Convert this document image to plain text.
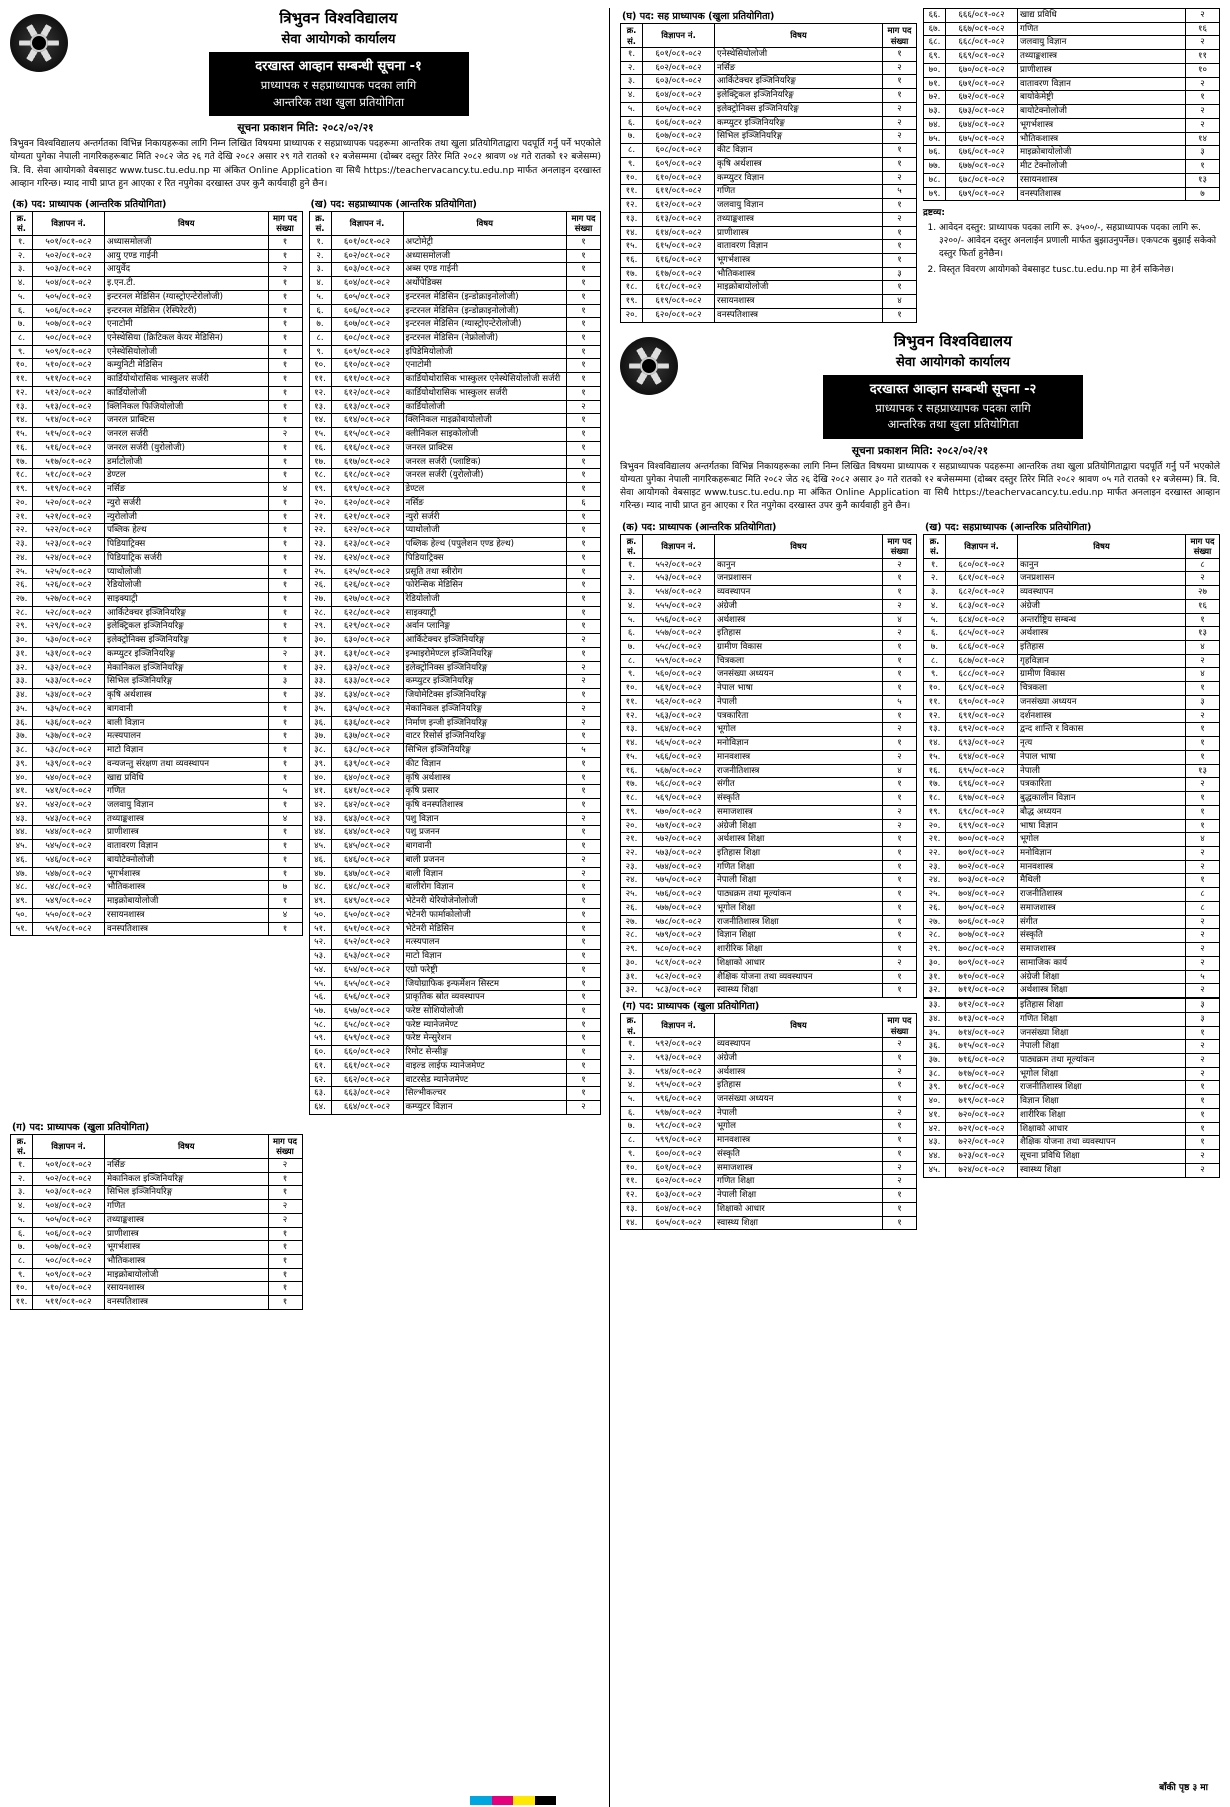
त्रिभुवन विश्वविद्यालय
सेवा आयोगको कार्यालय
दरखास्त आव्हान सम्बन्धी सूचना -१
प्राध्यापक र सहप्राध्यापक पदका लागि
आन्तरिक तथा खुला प्रतियोगिता
सूचना प्रकाशन मिति: २०८२/०२/२१
त्रिभुवन विश्वविद्यालय अन्तर्गतका विभिन्न निकायहरूका लागि निम्न लिखित विषयमा प्राध्यापक र सहप्राध्यापक पदहरूमा आन्तरिक तथा खुला प्रतियोगिताद्वारा पदपूर्ति गर्नु पर्ने भएकोले योग्यता पुगेका नेपाली नागरिकहरूबाट मिति २०८२ जेठ २६ गते देखि २०८२ असार २९ गते रातको १२ बजेसम्ममा (दोब्बर दस्तुर तिरेर मिति २०८२ श्रावण ०४ गते रातको १२ बजेसम्म) त्रि. वि. सेवा आयोगको वेबसाइट www.tusc.tu.edu.np मा अंकित Online Application वा सिधै https://teachervacancy.tu.edu.np मार्फत अनलाइन दरखास्त आव्हान गरिन्छ। म्याद नाघी प्राप्त हुन आएका र रित नपुगेका दरखास्त उपर कुनै कार्यवाही हुने छैन।
(क) पद: प्राध्यापक (आन्तरिक प्रतियोगिता)
क्र. सं.	विज्ञापन नं.	विषय	माग पद संख्या
१.	५०१/०८१-०८२	अध्यासमोलजी	१
२.	५०२/०८१-०८२	आयु एण्ड गाईनी	१
३.	५०३/०८१-०८२	आयुर्वेद	२
४.	५०४/०८१-०८२	इ.एन.टी.	१
५.	५०५/०८१-०८२	इन्टरनल मेडिसिन (ग्यास्ट्रोएन्टेरोलोजी)	१
६.	५०६/०८१-०८२	इन्टरनल मेडिसिन (रेस्पिरेटरी)	१
७.	५०७/०८१-०८२	एनाटोमी	१
८.	५०८/०८१-०८२	एनेस्थेसिया (क्रिटिकल केयर मेडिसिन)	१
९.	५०९/०८१-०८२	एनेस्थेसियोलोजी	१
१०.	५१०/०८१-०८२	कम्युनिटी मेडिसिन	१
११.	५११/०८१-०८२	कार्डियोथोरासिक भास्कुलर सर्जरी	१
१२.	५१२/०८१-०८२	कार्डियोलोजी	१
१३.	५१३/०८१-०८२	क्लिनिकल फिजियोलोजी	१
१४.	५१४/०८१-०८२	जनरल प्राक्टिस	१
१५.	५१५/०८१-०८२	जनरल सर्जरी	२
१६.	५१६/०८१-०८२	जनरल सर्जरी (युरोलोजी)	१
१७.	५१७/०८१-०८२	डर्माटोलोजी	१
१८.	५१८/०८१-०८२	डेण्टल	१
१९.	५१९/०८१-०८२	नर्सिङ	४
२०.	५२०/०८१-०८२	न्युरो सर्जरी	१
२१.	५२१/०८१-०८२	न्युरोलोजी	१
२२.	५२२/०८१-०८२	पब्लिक हेल्थ	१
२३.	५२३/०८१-०८२	पिडियाट्रिक्स	१
२४.	५२४/०८१-०८२	पिडियाट्रिक सर्जरी	१
२५.	५२५/०८१-०८२	प्याथोलोजी	१
२६.	५२६/०८१-०८२	रेडियोलोजी	१
२७.	५२७/०८१-०८२	साइक्याट्री	१
२८.	५२८/०८१-०८२	आर्किटेक्चर इञ्जिनियरिङ्ग	१
२९.	५२९/०८१-०८२	इलेक्ट्रिकल इञ्जिनियरिङ्ग	१
३०.	५३०/०८१-०८२	इलेक्ट्रोनिक्स इञ्जिनियरिङ्ग	१
३१.	५३१/०८१-०८२	कम्प्युटर इञ्जिनियरिङ्ग	२
३२.	५३२/०८१-०८२	मेकानिकल इञ्जिनियरिङ्ग	१
३३.	५३३/०८१-०८२	सिभिल इञ्जिनियरिङ्ग	३
३४.	५३४/०८१-०८२	कृषि अर्थशास्त्र	१
३५.	५३५/०८१-०८२	बागवानी	१
३६.	५३६/०८१-०८२	बाली विज्ञान	१
३७.	५३७/०८१-०८२	मत्स्यपालन	१
३८.	५३८/०८१-०८२	माटो विज्ञान	१
३९.	५३९/०८१-०८२	वन्यजन्तु संरक्षण तथा व्यवस्थापन	१
४०.	५४०/०८१-०८२	खाद्य प्रविधि	१
४१.	५४१/०८१-०८२	गणित	५
४२.	५४२/०८१-०८२	जलवायु विज्ञान	१
४३.	५४३/०८१-०८२	तथ्याङ्कशास्त्र	४
४४.	५४४/०८१-०८२	प्राणीशास्त्र	१
४५.	५४५/०८१-०८२	वातावरण विज्ञान	१
४६.	५४६/०८१-०८२	बायोटेक्नोलोजी	१
४७.	५४७/०८१-०८२	भूगर्भशास्त्र	१
४८.	५४८/०८१-०८२	भौतिकशास्त्र	७
४९.	५४९/०८१-०८२	माइक्रोबायोलोजी	१
५०.	५५०/०८१-०८२	रसायनशास्त्र	४
५१.	५५१/०८१-०८२	वनस्पतिशास्त्र	१
(ख) पद: सहप्राध्यापक (आन्तरिक प्रतियोगिता)
क्र. सं.	विज्ञापन नं.	विषय	माग पद संख्या
१.	६०१/०८१-०८२	अप्टोमेट्री	१
२.	६०२/०८१-०८२	अध्यासमोलजी	१
३.	६०३/०८१-०८२	अब्स एण्ड गाईनी	१
४.	६०४/०८१-०८२	अर्थोपेडिक्स	१
५.	६०५/०८१-०८२	इन्टरनल मेडिसिन (इन्डोक्राइनोलोजी)	१
६.	६०६/०८१-०८२	इन्टरनल मेडिसिन (इन्डोक्राइनोलोजी)	१
७.	६०७/०८१-०८२	इन्टरनल मेडिसिन (ग्यास्ट्रोएन्टेरोलोजी)	१
८.	६०८/०८१-०८२	इन्टरनल मेडिसिन (नेफ्रोलोजी)	१
९.	६०९/०८१-०८२	इपिडेमियोलोजी	१
१०.	६१०/०८१-०८२	एनाटोमी	१
११.	६११/०८१-०८२	कार्डियोथोरासिक भास्कुलर एनेस्थेसियोलोजी सर्जरी	१
१२.	६१२/०८१-०८२	कार्डियोथोरासिक भास्कुलर सर्जरी	१
१३.	६१३/०८१-०८२	कार्डियोलोजी	२
१४.	६१४/०८१-०८२	क्लिनिकल माइक्रोबायोलोजी	१
१५.	६१५/०८१-०८२	क्लीनिकल साइकोलोजी	१
१६.	६१६/०८१-०८२	जनरल प्राक्टिस	१
१७.	६१७/०८१-०८२	जनरल सर्जरी (प्लाष्टिक)	१
१८.	६१८/०८१-०८२	जनरल सर्जरी (युरोलोजी)	१
१९.	६१९/०८१-०८२	डेण्टल	१
२०.	६२०/०८१-०८२	नर्सिङ	६
२१.	६२१/०८१-०८२	न्युरो सर्जरी	१
२२.	६२२/०८१-०८२	प्याथोलोजी	१
२३.	६२३/०८१-०८२	पब्लिक हेल्थ (पपुलेशन एण्ड हेल्थ)	१
२४.	६२४/०८१-०८२	पिडियाट्रिक्स	१
२५.	६२५/०८१-०८२	प्रसूति तथा स्त्रीरोग	१
२६.	६२६/०८१-०८२	फोरेन्सिक मेडिसिन	१
२७.	६२७/०८१-०८२	रेडियोलोजी	१
२८.	६२८/०८१-०८२	साइक्याट्री	१
२९.	६२९/०८१-०८२	अर्वान प्लानिङ्ग	१
३०.	६३०/०८१-०८२	आर्किटेक्चर इञ्जिनियरिङ्ग	२
३१.	६३१/०८१-०८२	इन्भाइरोमेण्टल इञ्जिनियरिङ्ग	१
३२.	६३२/०८१-०८२	इलेक्ट्रोनिक्स इञ्जिनियरिङ्ग	२
३३.	६३३/०८१-०८२	कम्प्युटर इञ्जिनियरिङ्ग	२
३४.	६३४/०८१-०८२	जियोमेटिक्स इञ्जिनियरिङ्ग	१
३५.	६३५/०८१-०८२	मेकानिकल इञ्जिनियरिङ्ग	२
३६.	६३६/०८१-०८२	निर्माण इन्जी इञ्जिनियरिङ्ग	२
३७.	६३७/०८१-०८२	वाटर रिसोर्स इञ्जिनियरिङ्ग	१
३८.	६३८/०८१-०८२	सिभिल इञ्जिनियरिङ्ग	५
३९.	६३९/०८१-०८२	कीट विज्ञान	१
४०.	६४०/०८१-०८२	कृषि अर्थशास्त्र	१
४१.	६४१/०८१-०८२	कृषि प्रसार	१
४२.	६४२/०८१-०८२	कृषि वनस्पतिशास्त्र	१
४३.	६४३/०८१-०८२	पशु विज्ञान	२
४४.	६४४/०८१-०८२	पशु प्रजनन	१
४५.	६४५/०८१-०८२	बागवानी	१
४६.	६४६/०८१-०८२	बाली प्रजनन	२
४७.	६४७/०८१-०८२	बाली विज्ञान	२
४८.	६४८/०८१-०८२	बालीरोग विज्ञान	१
४९.	६४९/०८१-०८२	भेटेनरी थेरियोजेनोलोजी	१
५०.	६५०/०८१-०८२	भेटेनरी फार्माकोलोजी	१
५१.	६५१/०८१-०८२	भेटेनरी मेडिसिन	१
५२.	६५२/०८१-०८२	मत्स्यपालन	१
५३.	६५३/०८१-०८२	माटो विज्ञान	१
५४.	६५४/०८१-०८२	एग्रो फरेष्ट्री	१
५५.	६५५/०८१-०८२	जियोग्राफिक इन्फर्मेशन सिस्टम	१
५६.	६५६/०८१-०८२	प्राकृतिक स्रोत व्यवस्थापन	१
५७.	६५७/०८१-०८२	फरेष्ट सोशियोलोजी	१
५८.	६५८/०८१-०८२	फरेष्ट म्यानेजमेण्ट	१
५९.	६५९/०८१-०८२	फरेष्ट मेन्सुरेशन	१
६०.	६६०/०८१-०८२	रिमोट सेन्सीङ्ग	१
६१.	६६१/०८१-०८२	वाइल्ड लाईफ म्यानेजमेण्ट	१
६२.	६६२/०८१-०८२	वाटरसेड म्यानेजमेण्ट	१
६३.	६६३/०८१-०८२	सिल्भीकल्चर	१
६४.	६६४/०८१-०८२	कम्प्युटर विज्ञान	२
(ग) पद: प्राध्यापक (खुला प्रतियोगिता)
क्र. सं.	विज्ञापन नं.	विषय	माग पद संख्या
१.	५०१/०८१-०८२	नर्सिङ	२
२.	५०२/०८१-०८२	मेकानिकल इञ्जिनियरिङ्ग	१
३.	५०३/०८१-०८२	सिभिल इञ्जिनियरिङ्ग	१
४.	५०४/०८१-०८२	गणित	२
५.	५०५/०८१-०८२	तथ्याङ्कशास्त्र	२
६.	५०६/०८१-०८२	प्राणीशास्त्र	१
७.	५०७/०८१-०८२	भूगर्भशास्त्र	१
८.	५०८/०८१-०८२	भौतिकशास्त्र	१
९.	५०९/०८१-०८२	माइक्रोबायोलोजी	१
१०.	५१०/०८१-०८२	रसायनशास्त्र	१
११.	५११/०८१-०८२	वनस्पतिशास्त्र	१
(घ) पद: सह प्राध्यापक (खुला प्रतियोगिता)
क्र. सं.	विज्ञापन नं.	विषय	माग पद संख्या
१.	६०१/०८१-०८२	एनेस्थेसियोलोजी	१
२.	६०२/०८१-०८२	नर्सिङ	२
३.	६०३/०८१-०८२	आर्किटेक्चर इञ्जिनियरिङ्ग	१
४.	६०४/०८१-०८२	इलेक्ट्रिकल इञ्जिनियरिङ्ग	१
५.	६०५/०८१-०८२	इलेक्ट्रोनिक्स इञ्जिनियरिङ्ग	२
६.	६०६/०८१-०८२	कम्प्युटर इञ्जिनियरिङ्ग	२
७.	६०७/०८१-०८२	सिभिल इञ्जिनियरिङ्ग	२
८.	६०८/०८१-०८२	कीट विज्ञान	१
९.	६०९/०८१-०८२	कृषि अर्थशास्त्र	१
१०.	६१०/०८१-०८२	कम्प्युटर विज्ञान	२
११.	६११/०८१-०८२	गणित	५
१२.	६१२/०८१-०८२	जलवायु विज्ञान	१
१३.	६१३/०८१-०८२	तथ्याङ्कशास्त्र	२
१४.	६१४/०८१-०८२	प्राणीशास्त्र	१
१५.	६१५/०८१-०८२	वातावरण विज्ञान	१
१६.	६१६/०८१-०८२	भूगर्भशास्त्र	१
१७.	६१७/०८१-०८२	भौतिकशास्त्र	३
१८.	६१८/०८१-०८२	माइक्रोबायोलोजी	१
१९.	६१९/०८१-०८२	रसायनशास्त्र	४
२०.	६२०/०८१-०८२	वनस्पतिशास्त्र	१
६६.	६६६/०८१-०८२	खाद्य प्रविधि	२
६७.	६६७/०८१-०८२	गणित	१६
६८.	६६८/०८१-०८२	जलवायु विज्ञान	२
६९.	६६९/०८१-०८२	तथ्याङ्कशास्त्र	११
७०.	६७०/०८१-०८२	प्राणीशास्त्र	१०
७१.	६७१/०८१-०८२	वातावरण विज्ञान	२
७२.	६७२/०८१-०८२	बायोकेमेष्ट्री	१
७३.	६७३/०८१-०८२	बायोटेक्नोलोजी	२
७४.	६७४/०८१-०८२	भूगर्भशास्त्र	२
७५.	६७५/०८१-०८२	भौतिकशास्त्र	१४
७६.	६७६/०८१-०८२	माइक्रोबायोलोजी	३
७७.	६७७/०८१-०८२	मीट टेक्नोलोजी	१
७८.	६७८/०८१-०८२	रसायनशास्त्र	१३
७९.	६७९/०८१-०८२	वनस्पतिशास्त्र	७
द्रष्टव्य:
1. आवेदन दस्तुर: प्राध्यापक पदका लागि रू. ३५००/-, सहप्राध्यापक पदका लागि रू. ३२००/- आवेदन दस्तुर अनलाईन प्रणाली मार्फत बुझाउनुपर्नेछ। एकपटक बुझाई सकेको दस्तुर फिर्ता हुनेछैन।
2. विस्तृत विवरण आयोगको वेबसाइट tusc.tu.edu.np मा हेर्न सकिनेछ।
त्रिभुवन विश्वविद्यालय
सेवा आयोगको कार्यालय
दरखास्त आव्हान सम्बन्धी सूचना -२
प्राध्यापक र सहप्राध्यापक पदका लागि
आन्तरिक तथा खुला प्रतियोगिता
सूचना प्रकाशन मिति: २०८२/०२/२१
त्रिभुवन विश्वविद्यालय अन्तर्गतका विभिन्न निकायहरूका लागि निम्न लिखित विषयमा प्राध्यापक र सहप्राध्यापक पदहरूमा आन्तरिक तथा खुला प्रतियोगिताद्वारा पदपूर्ति गर्नु पर्ने भएकोले योग्यता पुगेका नेपाली नागरिकहरूबाट मिति २०८२ जेठ २६ देखि २०८२ असार ३० गते रातको १२ बजेसम्ममा (दोब्बर दस्तुर तिरेर मिति २०८२ श्रावण ०५ गते रातको १२ बजेसम्म) त्रि. वि. सेवा आयोगको वेबसाइट www.tusc.tu.edu.np मा अंकित Online Application वा सिधै https://teachervacancy.tu.edu.np मार्फत अनलाइन दरखास्त आव्हान गरिन्छ। म्याद नाघी प्राप्त हुन आएका र रित नपुगेका दरखास्त उपर कुनै कार्यवाही हुने छैन।
(क) पद: प्राध्यापक (आन्तरिक प्रतियोगिता)
क्र. सं.	विज्ञापन नं.	विषय	माग पद संख्या
१.	५५२/०८१-०८२	कानुन	२
२.	५५३/०८१-०८२	जनप्रशासन	१
३.	५५४/०८१-०८२	व्यवस्थापन	१
४.	५५५/०८१-०८२	अंग्रेजी	२
५.	५५६/०८१-०८२	अर्थशास्त्र	४
६.	५५७/०८१-०८२	इतिहास	२
७.	५५८/०८१-०८२	ग्रामीण विकास	१
८.	५५९/०८१-०८२	चित्रकला	१
९.	५६०/०८१-०८२	जनसंख्या अध्ययन	१
१०.	५६१/०८१-०८२	नेपाल भाषा	१
११.	५६२/०८१-०८२	नेपाली	५
१२.	५६३/०८१-०८२	पत्रकारिता	१
१३.	५६४/०८१-०८२	भूगोल	२
१४.	५६५/०८१-०८२	मनोविज्ञान	१
१५.	५६६/०८१-०८२	मानवशास्त्र	२
१६.	५६७/०८१-०८२	राजनीतिशास्त्र	४
१७.	५६८/०८१-०८२	संगीत	१
१८.	५६९/०८१-०८२	संस्कृति	१
१९.	५७०/०८१-०८२	समाजशास्त्र	२
२०.	५७१/०८१-०८२	अंग्रेजी शिक्षा	२
२१.	५७२/०८१-०८२	अर्थशास्त्र शिक्षा	१
२२.	५७३/०८१-०८२	इतिहास शिक्षा	१
२३.	५७४/०८१-०८२	गणित शिक्षा	१
२४.	५७५/०८१-०८२	नेपाली शिक्षा	१
२५.	५७६/०८१-०८२	पाठ्यक्रम तथा मूल्यांकन	१
२६.	५७७/०८१-०८२	भूगोल शिक्षा	१
२७.	५७८/०८१-०८२	राजनीतिशास्त्र शिक्षा	१
२८.	५७९/०८१-०८२	विज्ञान शिक्षा	१
२९.	५८०/०८१-०८२	शारीरिक शिक्षा	१
३०.	५८१/०८१-०८२	शिक्षाको आधार	२
३१.	५८२/०८१-०८२	शैक्षिक योजना तथा व्यवस्थापन	१
३२.	५८३/०८१-०८२	स्वास्थ्य शिक्षा	१
(ग) पद: प्राध्यापक (खुला प्रतियोगिता)
क्र. सं.	विज्ञापन नं.	विषय	माग पद संख्या
१.	५९२/०८१-०८२	व्यवस्थापन	२
२.	५९३/०८१-०८२	अंग्रेजी	१
३.	५९४/०८१-०८२	अर्थशास्त्र	२
४.	५९५/०८१-०८२	इतिहास	१
५.	५९६/०८१-०८२	जनसंख्या अध्ययन	१
६.	५९७/०८१-०८२	नेपाली	२
७.	५९८/०८१-०८२	भूगोल	१
८.	५९९/०८१-०८२	मानवशास्त्र	१
९.	६००/०८१-०८२	संस्कृति	१
१०.	६०१/०८१-०८२	समाजशास्त्र	२
११.	६०२/०८१-०८२	गणित शिक्षा	२
१२.	६०३/०८१-०८२	नेपाली शिक्षा	१
१३.	६०४/०८१-०८२	शिक्षाको आधार	१
१४.	६०५/०८१-०८२	स्वास्थ्य शिक्षा	१
(ख) पद: सहप्राध्यापक (आन्तरिक प्रतियोगिता)
क्र. सं.	विज्ञापन नं.	विषय	माग पद संख्या
१.	६८०/०८१-०८२	कानुन	८
२.	६८१/०८१-०८२	जनप्रशासन	२
३.	६८२/०८१-०८२	व्यवस्थापन	२७
४.	६८३/०८१-०८२	अंग्रेजी	१६
५.	६८४/०८१-०८२	अन्तर्राष्ट्रिय सम्बन्ध	१
६.	६८५/०८१-०८२	अर्थशास्त्र	१३
७.	६८६/०८१-०८२	इतिहास	४
८.	६८७/०८१-०८२	गृहविज्ञान	२
९.	६८८/०८१-०८२	ग्रामीण विकास	४
१०.	६८९/०८१-०८२	चित्रकला	१
११.	६९०/०८१-०८२	जनसंख्या अध्ययन	३
१२.	६९१/०८१-०८२	दर्शनशास्त्र	२
१३.	६९२/०८१-०८२	द्वन्द शान्ति र विकास	१
१४.	६९३/०८१-०८२	नृत्य	१
१५.	६९४/०८१-०८२	नेपाल भाषा	१
१६.	६९५/०८१-०८२	नेपाली	१३
१७.	६९६/०८१-०८२	पत्रकारिता	२
१८.	६९७/०८१-०८२	बुद्धकालीन विज्ञान	१
१९.	६९८/०८१-०८२	बौद्ध अध्ययन	१
२०.	६९९/०८१-०८२	भाषा विज्ञान	१
२१.	७००/०८१-०८२	भूगोल	४
२२.	७०१/०८१-०८२	मनोविज्ञान	२
२३.	७०२/०८१-०८२	मानवशास्त्र	२
२४.	७०३/०८१-०८२	मैथिली	१
२५.	७०४/०८१-०८२	राजनीतिशास्त्र	८
२६.	७०५/०८१-०८२	समाजशास्त्र	८
२७.	७०६/०८१-०८२	संगीत	२
२८.	७०७/०८१-०८२	संस्कृति	२
२९.	७०८/०८१-०८२	समाजशास्त्र	२
३०.	७०९/०८१-०८२	सामाजिक कार्य	२
३१.	७१०/०८१-०८२	अंग्रेजी शिक्षा	५
३२.	७११/०८१-०८२	अर्थशास्त्र शिक्षा	२
३३.	७१२/०८१-०८२	इतिहास शिक्षा	३
३४.	७१३/०८१-०८२	गणित शिक्षा	३
३५.	७१४/०८१-०८२	जनसंख्या शिक्षा	१
३६.	७१५/०८१-०८२	नेपाली शिक्षा	२
३७.	७१६/०८१-०८२	पाठ्यक्रम तथा मूल्यांकन	२
३८.	७१७/०८१-०८२	भूगोल शिक्षा	२
३९.	७१८/०८१-०८२	राजनीतिशास्त्र शिक्षा	१
४०.	७१९/०८१-०८२	विज्ञान शिक्षा	१
४१.	७२०/०८१-०८२	शारीरिक शिक्षा	१
४२.	७२१/०८१-०८२	शिक्षाको आधार	१
४३.	७२२/०८१-०८२	शैक्षिक योजना तथा व्यवस्थापन	१
४४.	७२३/०८१-०८२	सूचना प्रविधि शिक्षा	२
४५.	७२४/०८१-०८२	स्वास्थ्य शिक्षा	२
बाँकी पृष्ठ ३ मा
